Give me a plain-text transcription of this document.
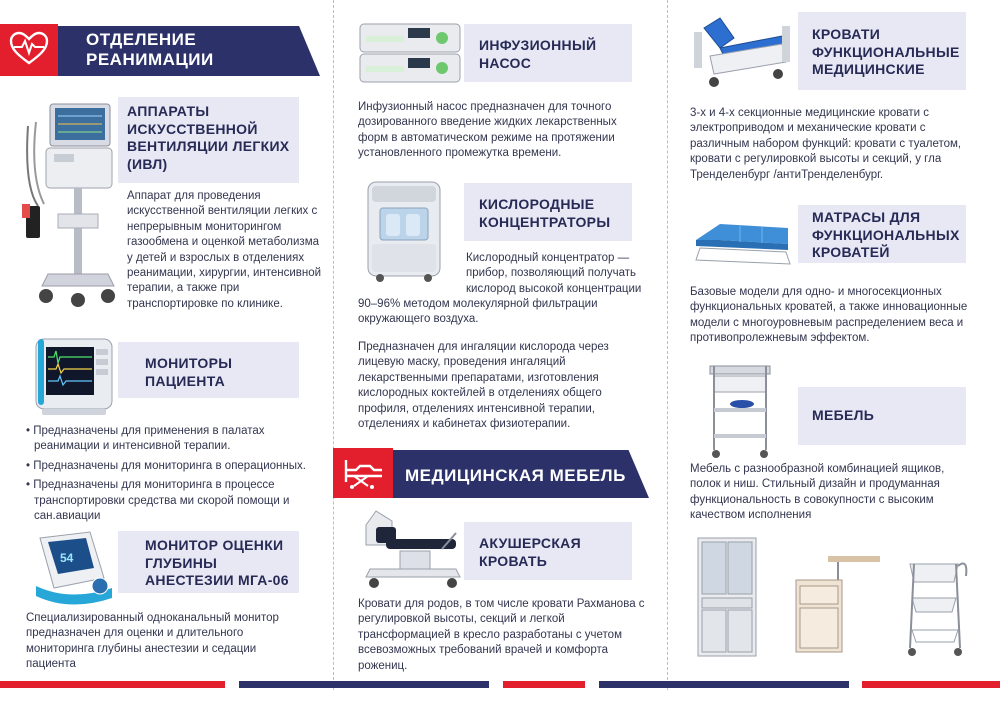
ОТДЕЛЕНИЕ РЕАНИМАЦИИ
АППАРАТЫ ИСКУССТВЕННОЙ ВЕНТИЛЯЦИИ ЛЕГКИХ (ИВЛ)
Аппарат для проведения искусственной вентиляции легких с непрерывным мониторингом газообмена и оценкой метаболизма у детей и взрослых в отделениях реанимации, хирургии, интенсивной терапии, а также при транспортировке по клинике.
МОНИТОРЫ ПАЦИЕНТА
• Предназначены для применения в палатах реанимации и интенсивной терапии.
• Предназначены для мониторинга в операционных.
• Предназначены для мониторинга в процессе транспортировки средства ми скорой помощи и сан.авиации
54
МОНИТОР ОЦЕНКИ ГЛУБИНЫ АНЕСТЕЗИИ МГА-06
Специализированный одноканальный монитор предназначен для оценки и длительного мониторинга глубины анестезии и седации пациента
ИНФУЗИОННЫЙ НАСОС
Инфузионный насос предназначен для точного дозированного введение жидких лекарственных форм в автоматическом режиме на протяжении установленного промежутка времени.
КИСЛОРОДНЫЕ КОНЦЕНТРАТОРЫ
Кислородный концентратор — прибор, позволяющий получать кислород высокой концентрации
90–96% методом молекулярной фильтрации окружающего воздуха.
Предназначен для ингаляции кислорода через лицевую маску, проведения ингаляций лекарственными препаратами, изготовления кислородных коктейлей в отделениях общего профиля, отделениях интенсивной терапии, отделениях и кабинетах физиотерапии.
МЕДИЦИНСКАЯ МЕБЕЛЬ
АКУШЕРСКАЯ КРОВАТЬ
Кровати для родов, в том числе кровати Рахманова с регулировкой высоты, секций и легкой трансформацией в кресло разработаны с учетом всевозможных требований врачей и комфорта рожениц.
КРОВАТИ ФУНКЦИОНАЛЬНЫЕ МЕДИЦИНСКИЕ
3-х и 4-х секционные медицинские кровати с электроприводом и механические кровати с различным набором функций: кровати с туалетом, кровати с регулировкой высоты и секций, у гла Тренделенбург /антиТренделенбург.
МАТРАСЫ ДЛЯ ФУНКЦИОНАЛЬНЫХ КРОВАТЕЙ
Базовые модели для одно- и многосекционных функциональных кроватей, а также инновационные модели с многоуровневым распределением веса и противопролежневым эффектом.
МЕБЕЛЬ
Мебель с разнообразной комбинацией ящиков, полок и ниш. Стильный дизайн и продуманная функциональность в совокупности с высоким качеством исполнения
